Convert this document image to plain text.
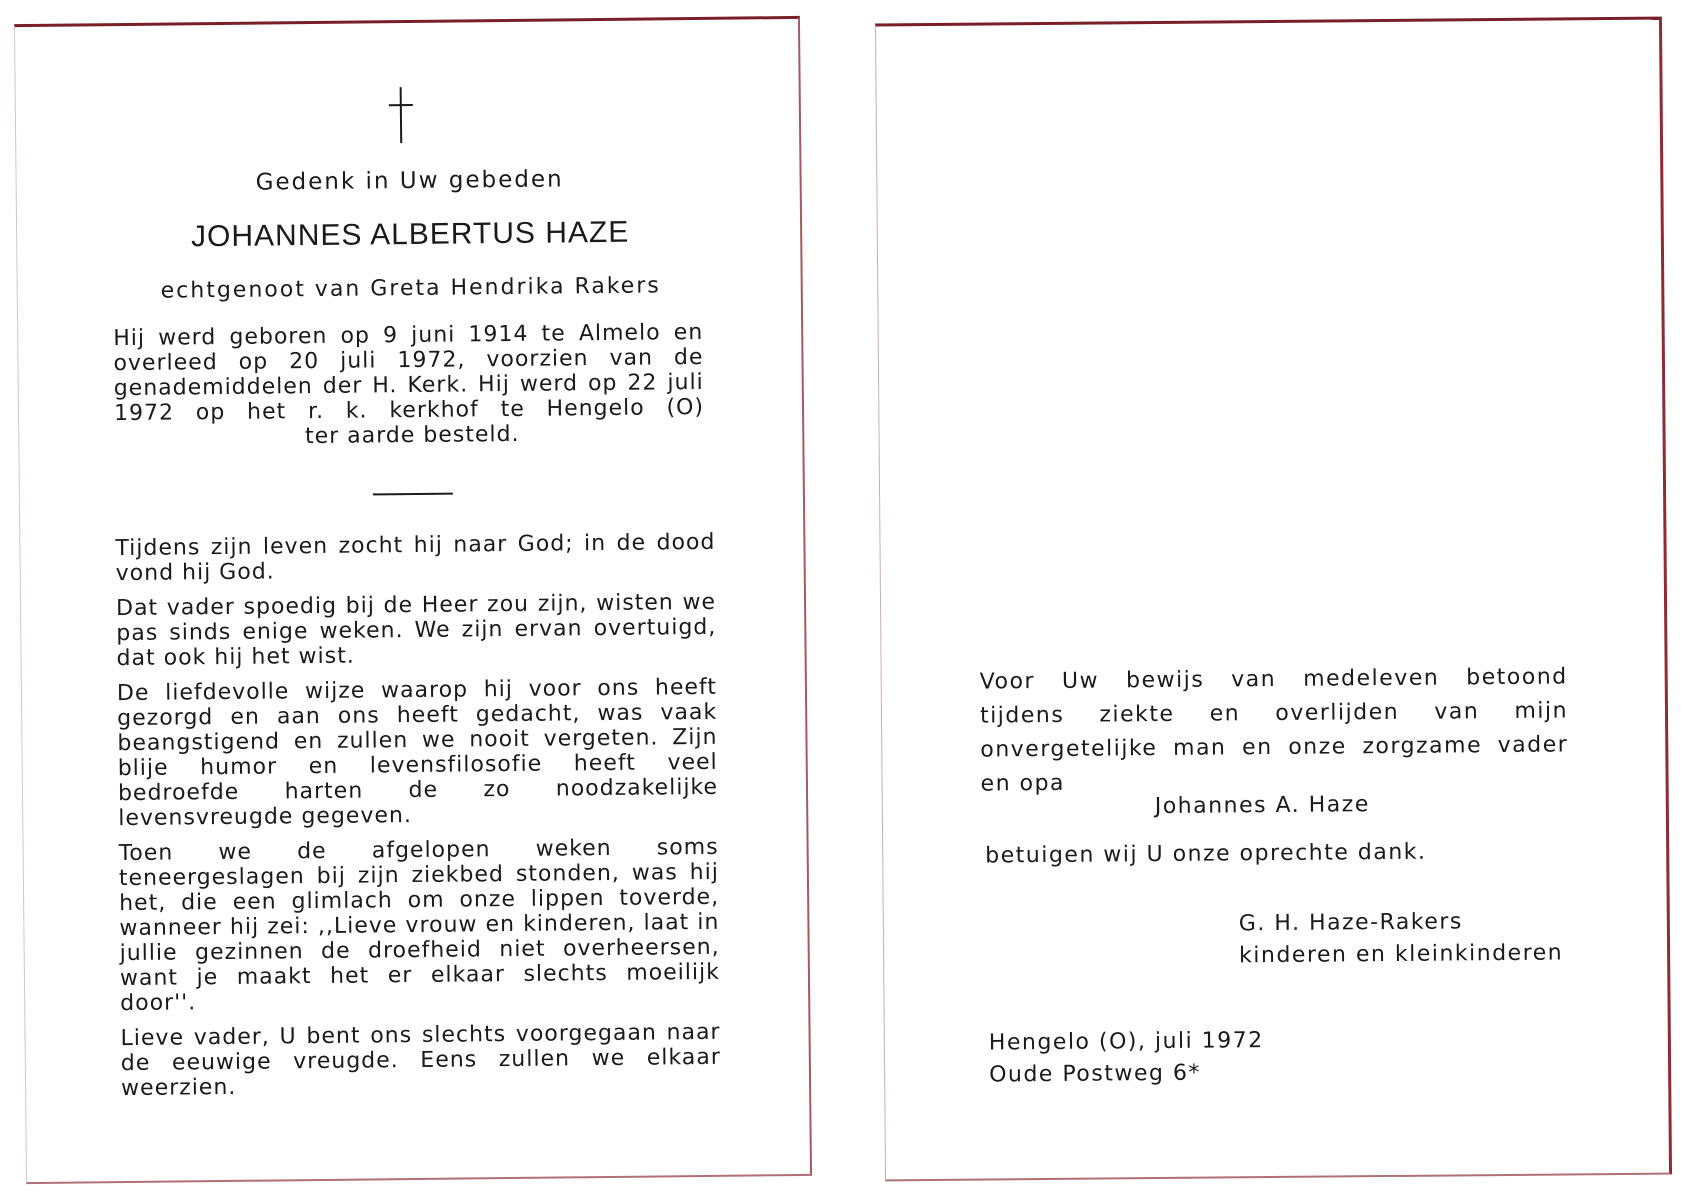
Gedenk in Uw gebeden
JOHANNES ALBERTUS HAZE
echtgenoot van Greta Hendrika Rakers
Hij werd geboren op 9 juni 1914 te Almelo en overleed op 20 juli 1972, voorzien van de genademiddelen der H. Kerk. Hij werd op 22 juli 1972 op het r. k. kerkhof te Hengelo (O)
ter aarde besteld.

Tijdens zijn leven zocht hij naar God; in de dood vond hij God.

Dat vader spoedig bij de Heer zou zijn, wisten we pas sinds enige weken. We zijn ervan overtuigd, dat ook hij het wist.

De liefdevolle wijze waarop hij voor ons heeft gezorgd en aan ons heeft gedacht, was vaak beangstigend en zullen we nooit vergeten. Zijn blije humor en levensfilosofie heeft veel bedroefde harten de zo noodzakelijke levensvreugde gegeven.

Toen we de afgelopen weken soms teneergeslagen bij zijn ziekbed stonden, was hij het, die een glimlach om onze lippen toverde, wanneer hij zei: ,,Lieve vrouw en kinderen, laat in jullie gezinnen de droefheid niet overheersen, want je maakt het er elkaar slechts moeilijk door''.

Lieve vader, U bent ons slechts voorgegaan naar de eeuwige vreugde. Eens zullen we elkaar weerzien.

Voor Uw bewijs van medeleven betoond tijdens ziekte en overlijden van mijn onvergetelijke man en onze zorgzame vader en opa
Johannes A. Haze
betuigen wij U onze oprechte dank.
G. H. Haze-Rakers
kinderen en kleinkinderen
Hengelo (O), juli 1972
Oude Postweg 6*
